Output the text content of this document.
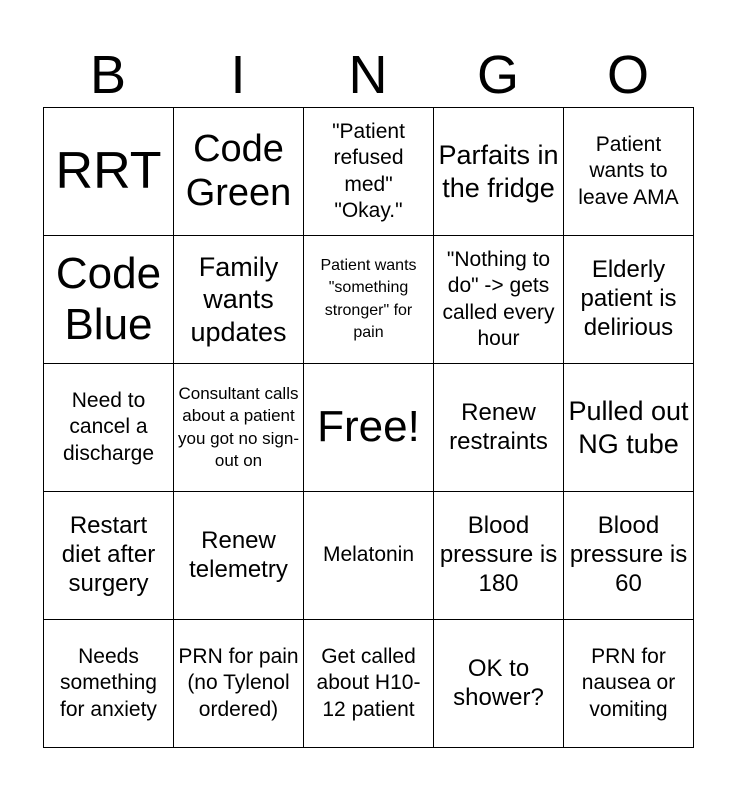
B	I	N	G	O
RRT	Code Green	"Patient refused med" "Okay."	Parfaits in the fridge	Patient wants to leave AMA
Code Blue	Family wants updates	Patient wants "something stronger" for pain	"Nothing to do" -> gets called every hour	Elderly patient is delirious
Need to cancel a discharge	Consultant calls about a patient you got no sign-out on	Free!	Renew restraints	Pulled out NG tube
Restart diet after surgery	Renew telemetry	Melatonin	Blood pressure is 180	Blood pressure is 60
Needs something for anxiety	PRN for pain (no Tylenol ordered)	Get called about H10-12 patient	OK to shower?	PRN for nausea or vomiting
